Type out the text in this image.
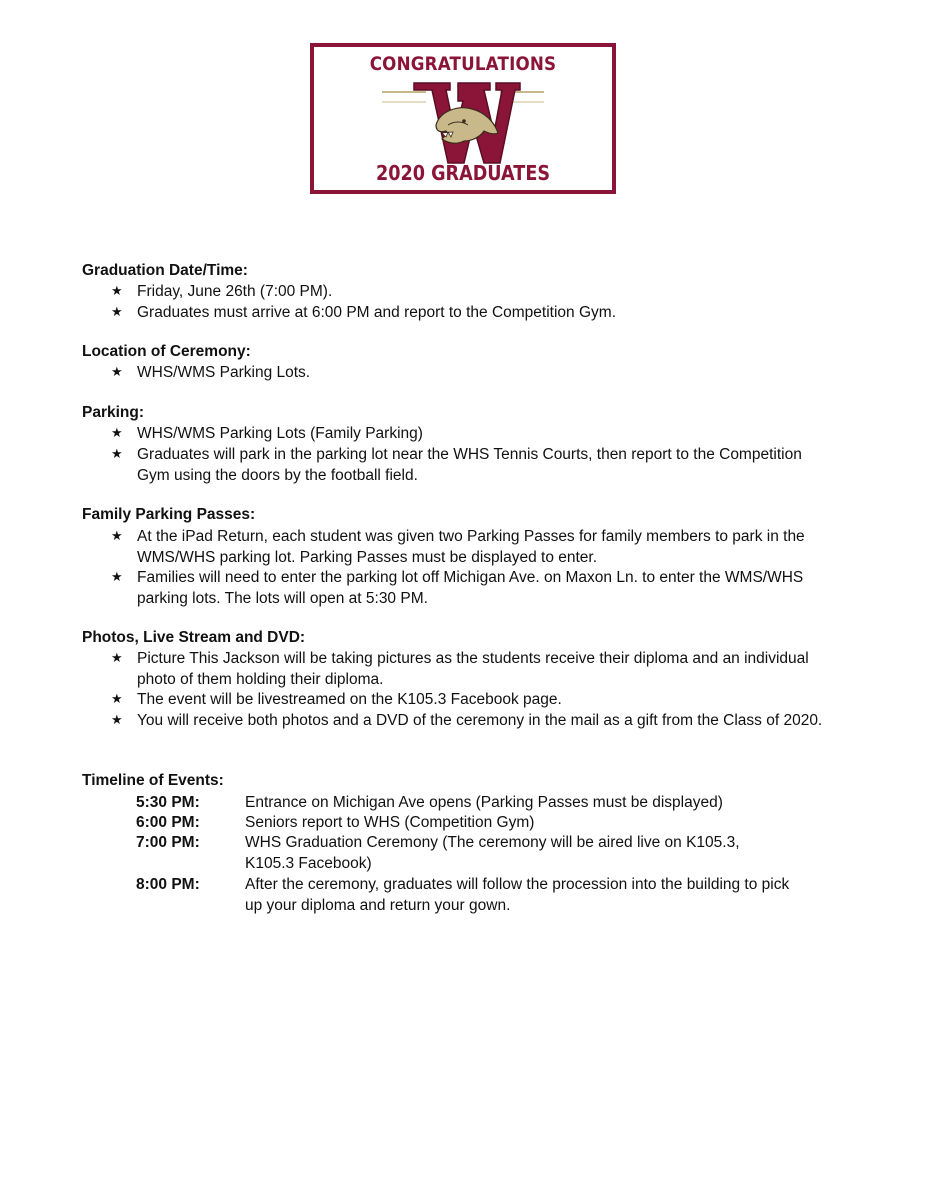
CONGRATULATIONS
2020 GRADUATES
Graduation Date/Time:
★ Friday, June 26th (7:00 PM).
★ Graduates must arrive at 6:00 PM and report to the Competition Gym.
Location of Ceremony:
★ WHS/WMS Parking Lots.
Parking:
★ WHS/WMS Parking Lots (Family Parking)
★ Graduates will park in the parking lot near the WHS Tennis Courts, then report to the Competition Gym using the doors by the football field.
Family Parking Passes:
★ At the iPad Return, each student was given two Parking Passes for family members to park in the WMS/WHS parking lot. Parking Passes must be displayed to enter.
★ Families will need to enter the parking lot off Michigan Ave. on Maxon Ln. to enter the WMS/WHS parking lots. The lots will open at 5:30 PM.
Photos, Live Stream and DVD:
★ Picture This Jackson will be taking pictures as the students receive their diploma and an individual photo of them holding their diploma.
★ The event will be livestreamed on the K105.3 Facebook page.
★ You will receive both photos and a DVD of the ceremony in the mail as a gift from the Class of 2020.
Timeline of Events:
5:30 PM:	Entrance on Michigan Ave opens (Parking Passes must be displayed)
6:00 PM:	Seniors report to WHS (Competition Gym)
7:00 PM:	WHS Graduation Ceremony (The ceremony will be aired live on K105.3, K105.3 Facebook)
8:00 PM:	After the ceremony, graduates will follow the procession into the building to pick up your diploma and return your gown.
